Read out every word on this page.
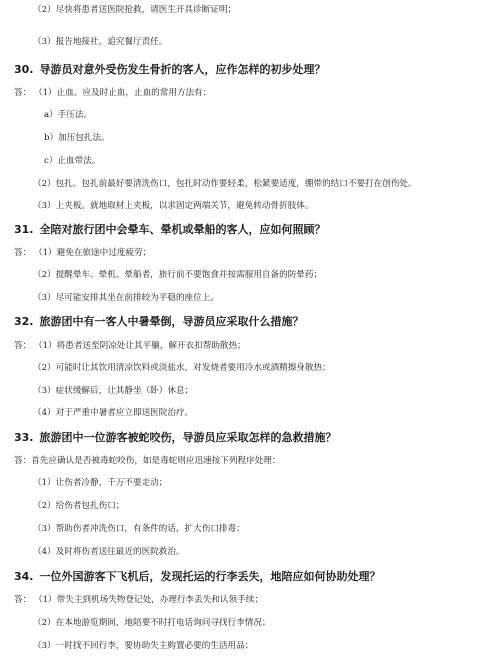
（2）尽快将患者送医院抢救，请医生开具诊断证明；
（3）报告地接社，追究餐厅责任。
30. 导游员对意外受伤发生骨折的客人，应作怎样的初步处理？
答： （1）止血。应及时止血，止血的常用方法有：
a）手压法。
b）加压包扎法。
c）止血带法。
（2）包扎。包扎前最好要清洗伤口，包扎时动作要轻柔，松紧要适度，绷带的结口不要打在创伤处。
（3）上夹板。就地取材上夹板，以求固定两端关节，避免转动骨折肢体。
31. 全陪对旅行团中会晕车、晕机或晕船的客人，应如何照顾？
答： （1）避免在旅途中过度疲劳；
（2）提醒晕车、晕机、晕船者，旅行前不要饱食并按需服用自备的防晕药；
（3）尽可能安排其坐在前排较为平稳的座位上。
32. 旅游团中有一客人中暑晕倒，导游员应采取什么措施？
答： （1）将患者送至阴凉处让其平躺，解开衣扣帮助散热；
（2）可能时让其饮用清凉饮料或淡盐水，对发烧者要用冷水或酒精擦身散热；
（3）症状缓解后，让其静坐（卧）休息；
（4）对于严重中暑者应立即送医院治疗。
33. 旅游团中一位游客被蛇咬伤，导游员应采取怎样的急救措施？
答：首先应确认是否被毒蛇咬伤，如是毒蛇则应迅速按下列程序处理：
（1）让伤者冷静，千万不要走动；
（2）给伤者包扎伤口；
（3）帮助伤者冲洗伤口，有条件的话，扩大伤口排毒；
（4）及时将伤者送往最近的医院救治。
34. 一位外国游客下飞机后，发现托运的行李丢失，地陪应如何协助处理？
答： （1）带失主到机场失物登记处，办理行李丢失和认领手续；
（2）在本地游览期间，地陪要不时打电话询问寻找行李情况；
（3）一时找不回行李，要协助失主购置必要的生活用品；
